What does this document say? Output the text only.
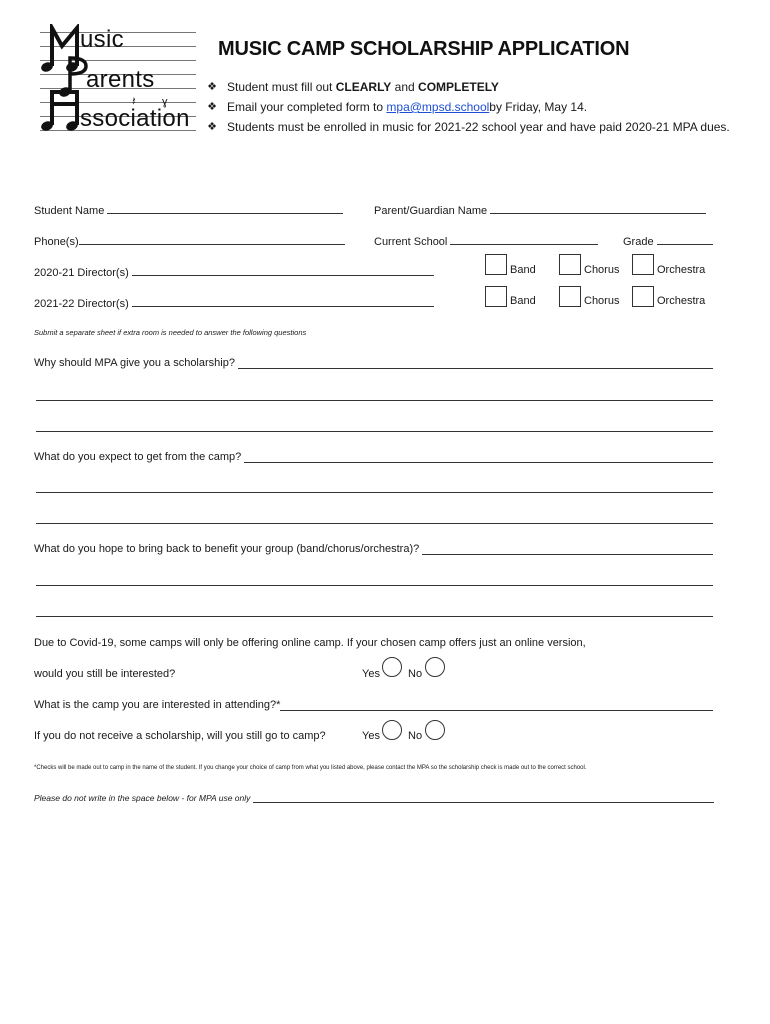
usic
arents
𝄽 ɣ
ssociation
MUSIC CAMP SCHOLARSHIP APPLICATION
❖ Student must fill out
CLEARLY
and
COMPLETELY
❖ Email your completed form to
mpa@mpsd.school by Friday, May 14.
❖ Students must be enrolled in music for 2021-22 school year and have paid 2020-21 MPA dues.
Student Name	Parent/Guardian Name
Phone(s)	Current School	Grade
2020-21 Director(s)	Band	Chorus	Orchestra
2021-22 Director(s)	Band	Chorus	Orchestra
Submit a separate sheet if extra room is needed to answer the following questions
Why should MPA give you a scholarship?

What do you expect to get from the camp?

What do you hope to bring back to benefit your group (band/chorus/orchestra)?

Due to Covid-19, some camps will only be offering online camp. If your chosen camp offers just an online version,
would you still be interested?	Yes	No
What is the camp you are interested in attending?*
If you do not receive a scholarship, will you still go to camp?	Yes	No
*Checks will be made out to camp in the name of the student. If you change your choice of camp from what you listed above, please contact the MPA so the scholarship check is made out to the correct school.
Please do not write in the space below - for MPA use only
